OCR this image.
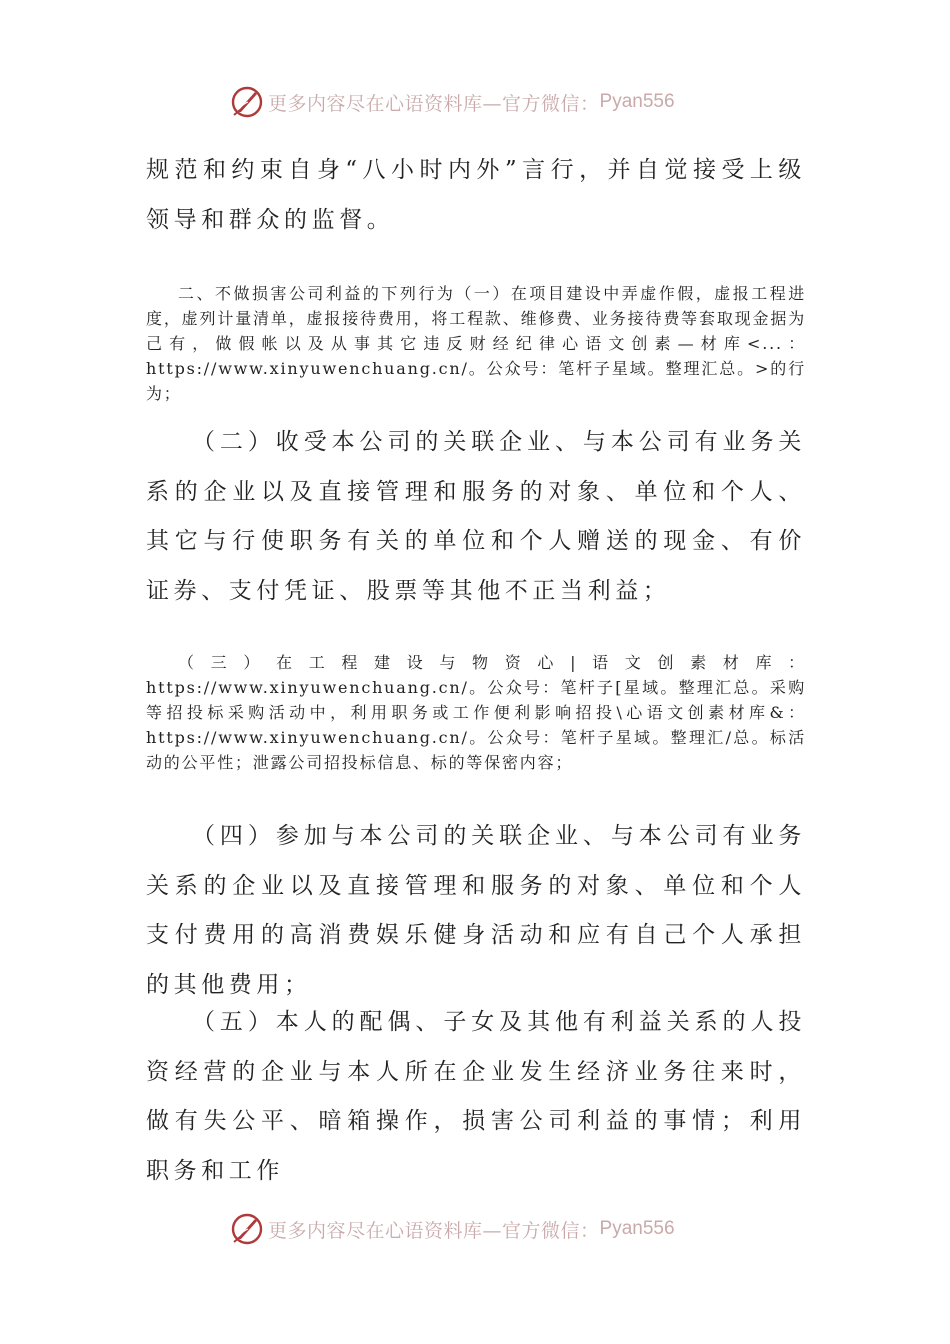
更多内容尽在心语资料库—官方微信： Pyan556
规范和约束自身“八小时内外”言行，并自觉接受上级领导和群众的监督。
二、不做损害公司利益的下列行为（一）在项目建设中弄虚作假，虚报工程进度，虚列计量清单，虚报接待费用，将工程款、维修费、业务接待费等套取现金据为己有，做假帐以及从事其它违反财经纪律心语文创素—材库<...：https://www.xinyuwenchuang.cn/。公众号：笔杆子星域。整理汇总。>的行为；
（二）收受本公司的关联企业、与本公司有业务关系的企业以及直接管理和服务的对象、单位和个人、其它与行使职务有关的单位和个人赠送的现金、有价证券、支付凭证、股票等其他不正当利益；
（三）在工程建设与物资心|语文创素材库：https://www.xinyuwenchuang.cn/。公众号：笔杆子[星域。整理汇总。采购等招投标采购活动中，利用职务或工作便利影响招投\心语文创素材库&：https://www.xinyuwenchuang.cn/。公众号：笔杆子星域。整理汇/总。标活动的公平性；泄露公司招投标信息、标的等保密内容；
（四）参加与本公司的关联企业、与本公司有业务关系的企业以及直接管理和服务的对象、单位和个人支付费用的高消费娱乐健身活动和应有自己个人承担的其他费用；
（五）本人的配偶、子女及其他有利益关系的人投资经营的企业与本人所在企业发生经济业务往来时，做有失公平、暗箱操作，损害公司利益的事情；利用职务和工作
更多内容尽在心语资料库—官方微信： Pyan556
